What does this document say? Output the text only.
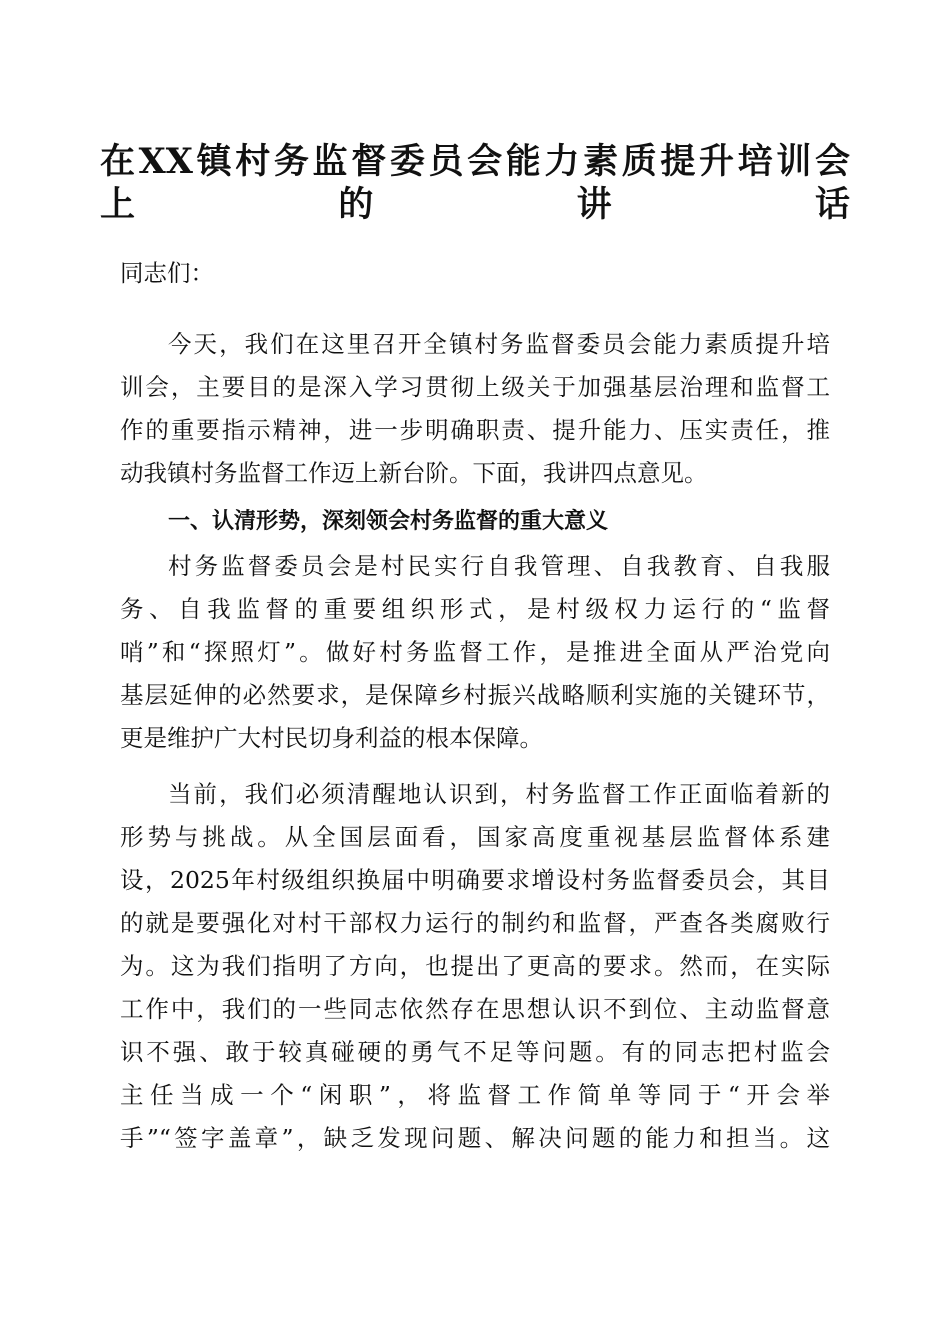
在XX镇村务监督委员会能力素质提升培训会
上的讲话
同志们：
今天，我们在这里召开全镇村务监督委员会能力素质提升培
训会，主要目的是深入学习贯彻上级关于加强基层治理和监督工
作的重要指示精神，进一步明确职责、提升能力、压实责任，推
动我镇村务监督工作迈上新台阶。下面，我讲四点意见。
一、认清形势，深刻领会村务监督的重大意义
村务监督委员会是村民实行自我管理、自我教育、自我服
务、自我监督的重要组织形式，是村级权力运行的“监督
哨”和“探照灯”。做好村务监督工作，是推进全面从严治党向
基层延伸的必然要求，是保障乡村振兴战略顺利实施的关键环节，
更是维护广大村民切身利益的根本保障。
当前，我们必须清醒地认识到，村务监督工作正面临着新的
形势与挑战。从全国层面看，国家高度重视基层监督体系建
设，2025年村级组织换届中明确要求增设村务监督委员会，其目
的就是要强化对村干部权力运行的制约和监督，严查各类腐败行
为。这为我们指明了方向，也提出了更高的要求。然而，在实际
工作中，我们的一些同志依然存在思想认识不到位、主动监督意
识不强、敢于较真碰硬的勇气不足等问题。有的同志把村监会
主任当成一个“闲职”，将监督工作简单等同于“开会举
手”“签字盖章”，缺乏发现问题、解决问题的能力和担当。这
